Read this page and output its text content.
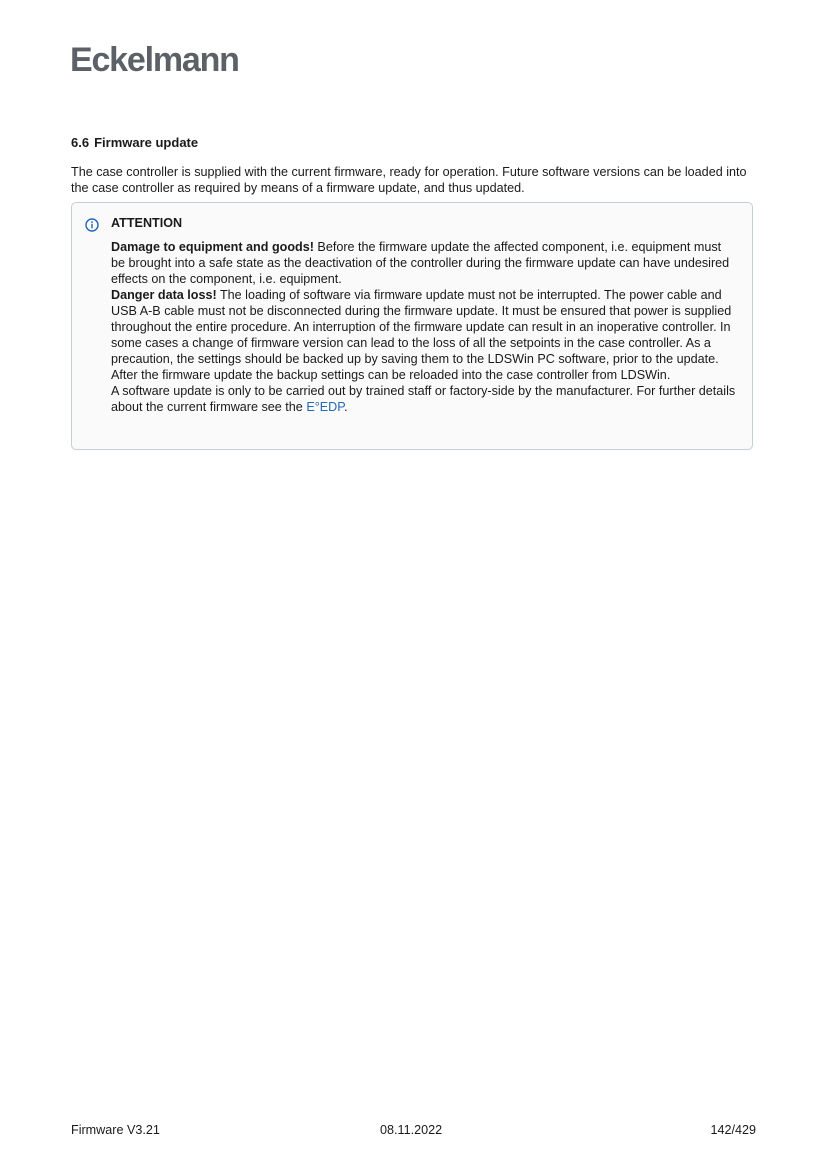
Eckelmann
6.6 Firmware update

The case controller is supplied with the current firmware, ready for operation. Future software versions can be loaded into the case controller as required by means of a firmware update, and thus updated.

ATTENTION

Damage to equipment and goods! Before the firmware update the affected component, i.e. equipment must be brought into a safe state as the deactivation of the controller during the firmware update can have undesired effects on the component, i.e. equipment.

Danger data loss! The loading of software via firmware update must not be interrupted. The power cable and USB A-B cable must not be disconnected during the firmware update. It must be ensured that power is supplied throughout the entire procedure. An interruption of the firmware update can result in an inoperative controller. In some cases a change of firmware version can lead to the loss of all the setpoints in the case controller. As a precaution, the settings should be backed up by saving them to the LDSWin PC software, prior to the update. After the firmware update the backup settings can be reloaded into the case controller from LDSWin.

A software update is only to be carried out by trained staff or factory-side by the manufacturer. For further details about the current firmware see the E°EDP.

Firmware V3.21	08.11.2022	142/429
